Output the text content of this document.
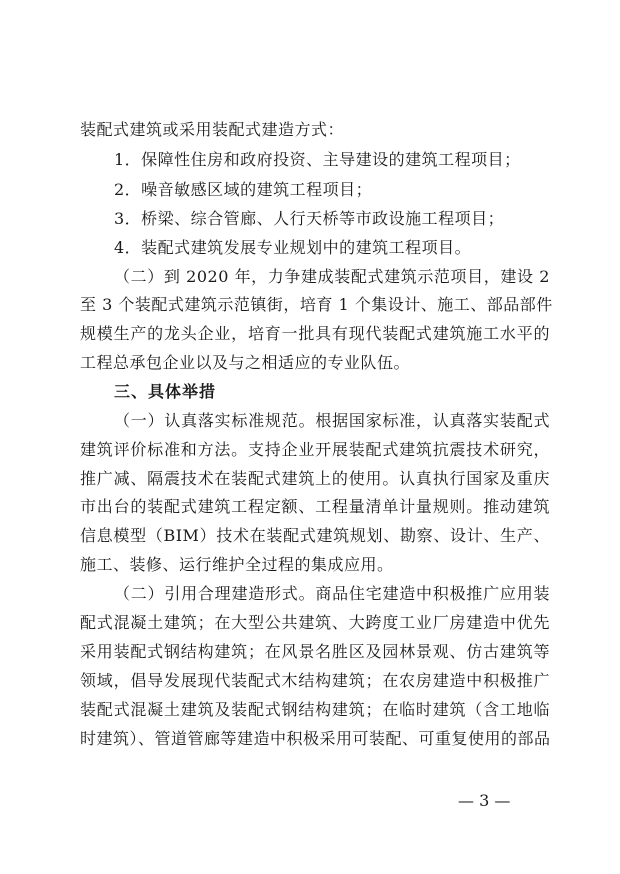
装配式建筑或采用装配式建造方式：
1．保障性住房和政府投资、主导建设的建筑工程项目；
2．噪音敏感区域的建筑工程项目；
3．桥梁、综合管廊、人行天桥等市政设施工程项目；
4．装配式建筑发展专业规划中的建筑工程项目。
（二）到 2020 年，力争建成装配式建筑示范项目，建设 2
至 3 个装配式建筑示范镇街，培育 1 个集设计、施工、部品部件
规模生产的龙头企业，培育一批具有现代装配式建筑施工水平的
工程总承包企业以及与之相适应的专业队伍。
三、具体举措
（一）认真落实标准规范。根据国家标准，认真落实装配式
建筑评价标准和方法。支持企业开展装配式建筑抗震技术研究，
推广减、隔震技术在装配式建筑上的使用。认真执行国家及重庆
市出台的装配式建筑工程定额、工程量清单计量规则。推动建筑
信息模型（BIM）技术在装配式建筑规划、勘察、设计、生产、
施工、装修、运行维护全过程的集成应用。
（二）引用合理建造形式。商品住宅建造中积极推广应用装
配式混凝土建筑；在大型公共建筑、大跨度工业厂房建造中优先
采用装配式钢结构建筑；在风景名胜区及园林景观、仿古建筑等
领域，倡导发展现代装配式木结构建筑；在农房建造中积极推广
装配式混凝土建筑及装配式钢结构建筑；在临时建筑（含工地临
时建筑）、管道管廊等建造中积极采用可装配、可重复使用的部品
— 3 —
